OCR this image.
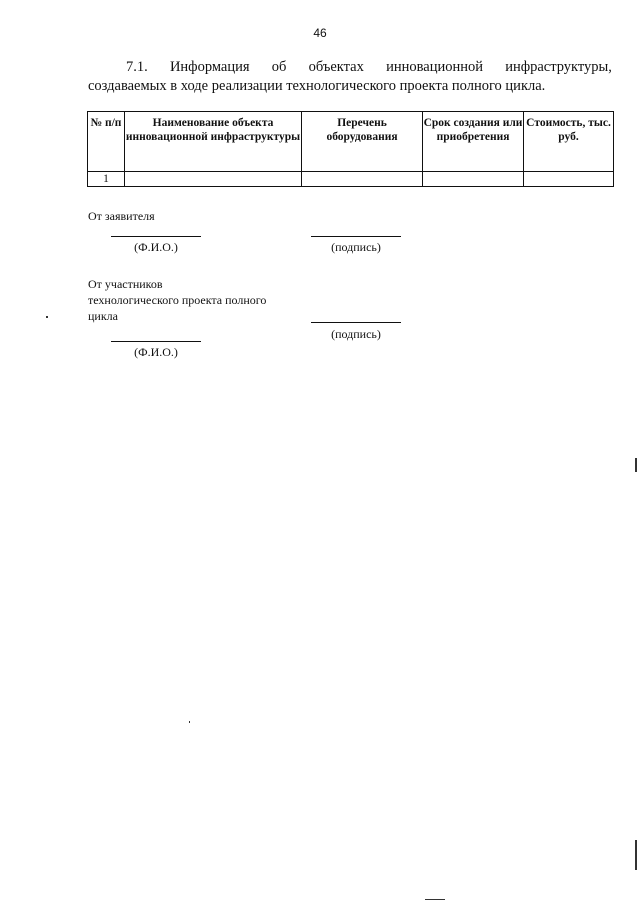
46
7.1. Информация об объектах инновационной инфраструктуры,
создаваемых в ходе реализации технологического проекта полного цикла.
№ п/п	Наименование объекта инновационной инфраструктуры	Перечень оборудования	Срок создания или приобретения	Стоимость, тыс. руб.
1				
От заявителя
(Ф.И.О.)	(подпись)
От участников
технологического проекта полного
цикла
(подпись)
(Ф.И.О.)
